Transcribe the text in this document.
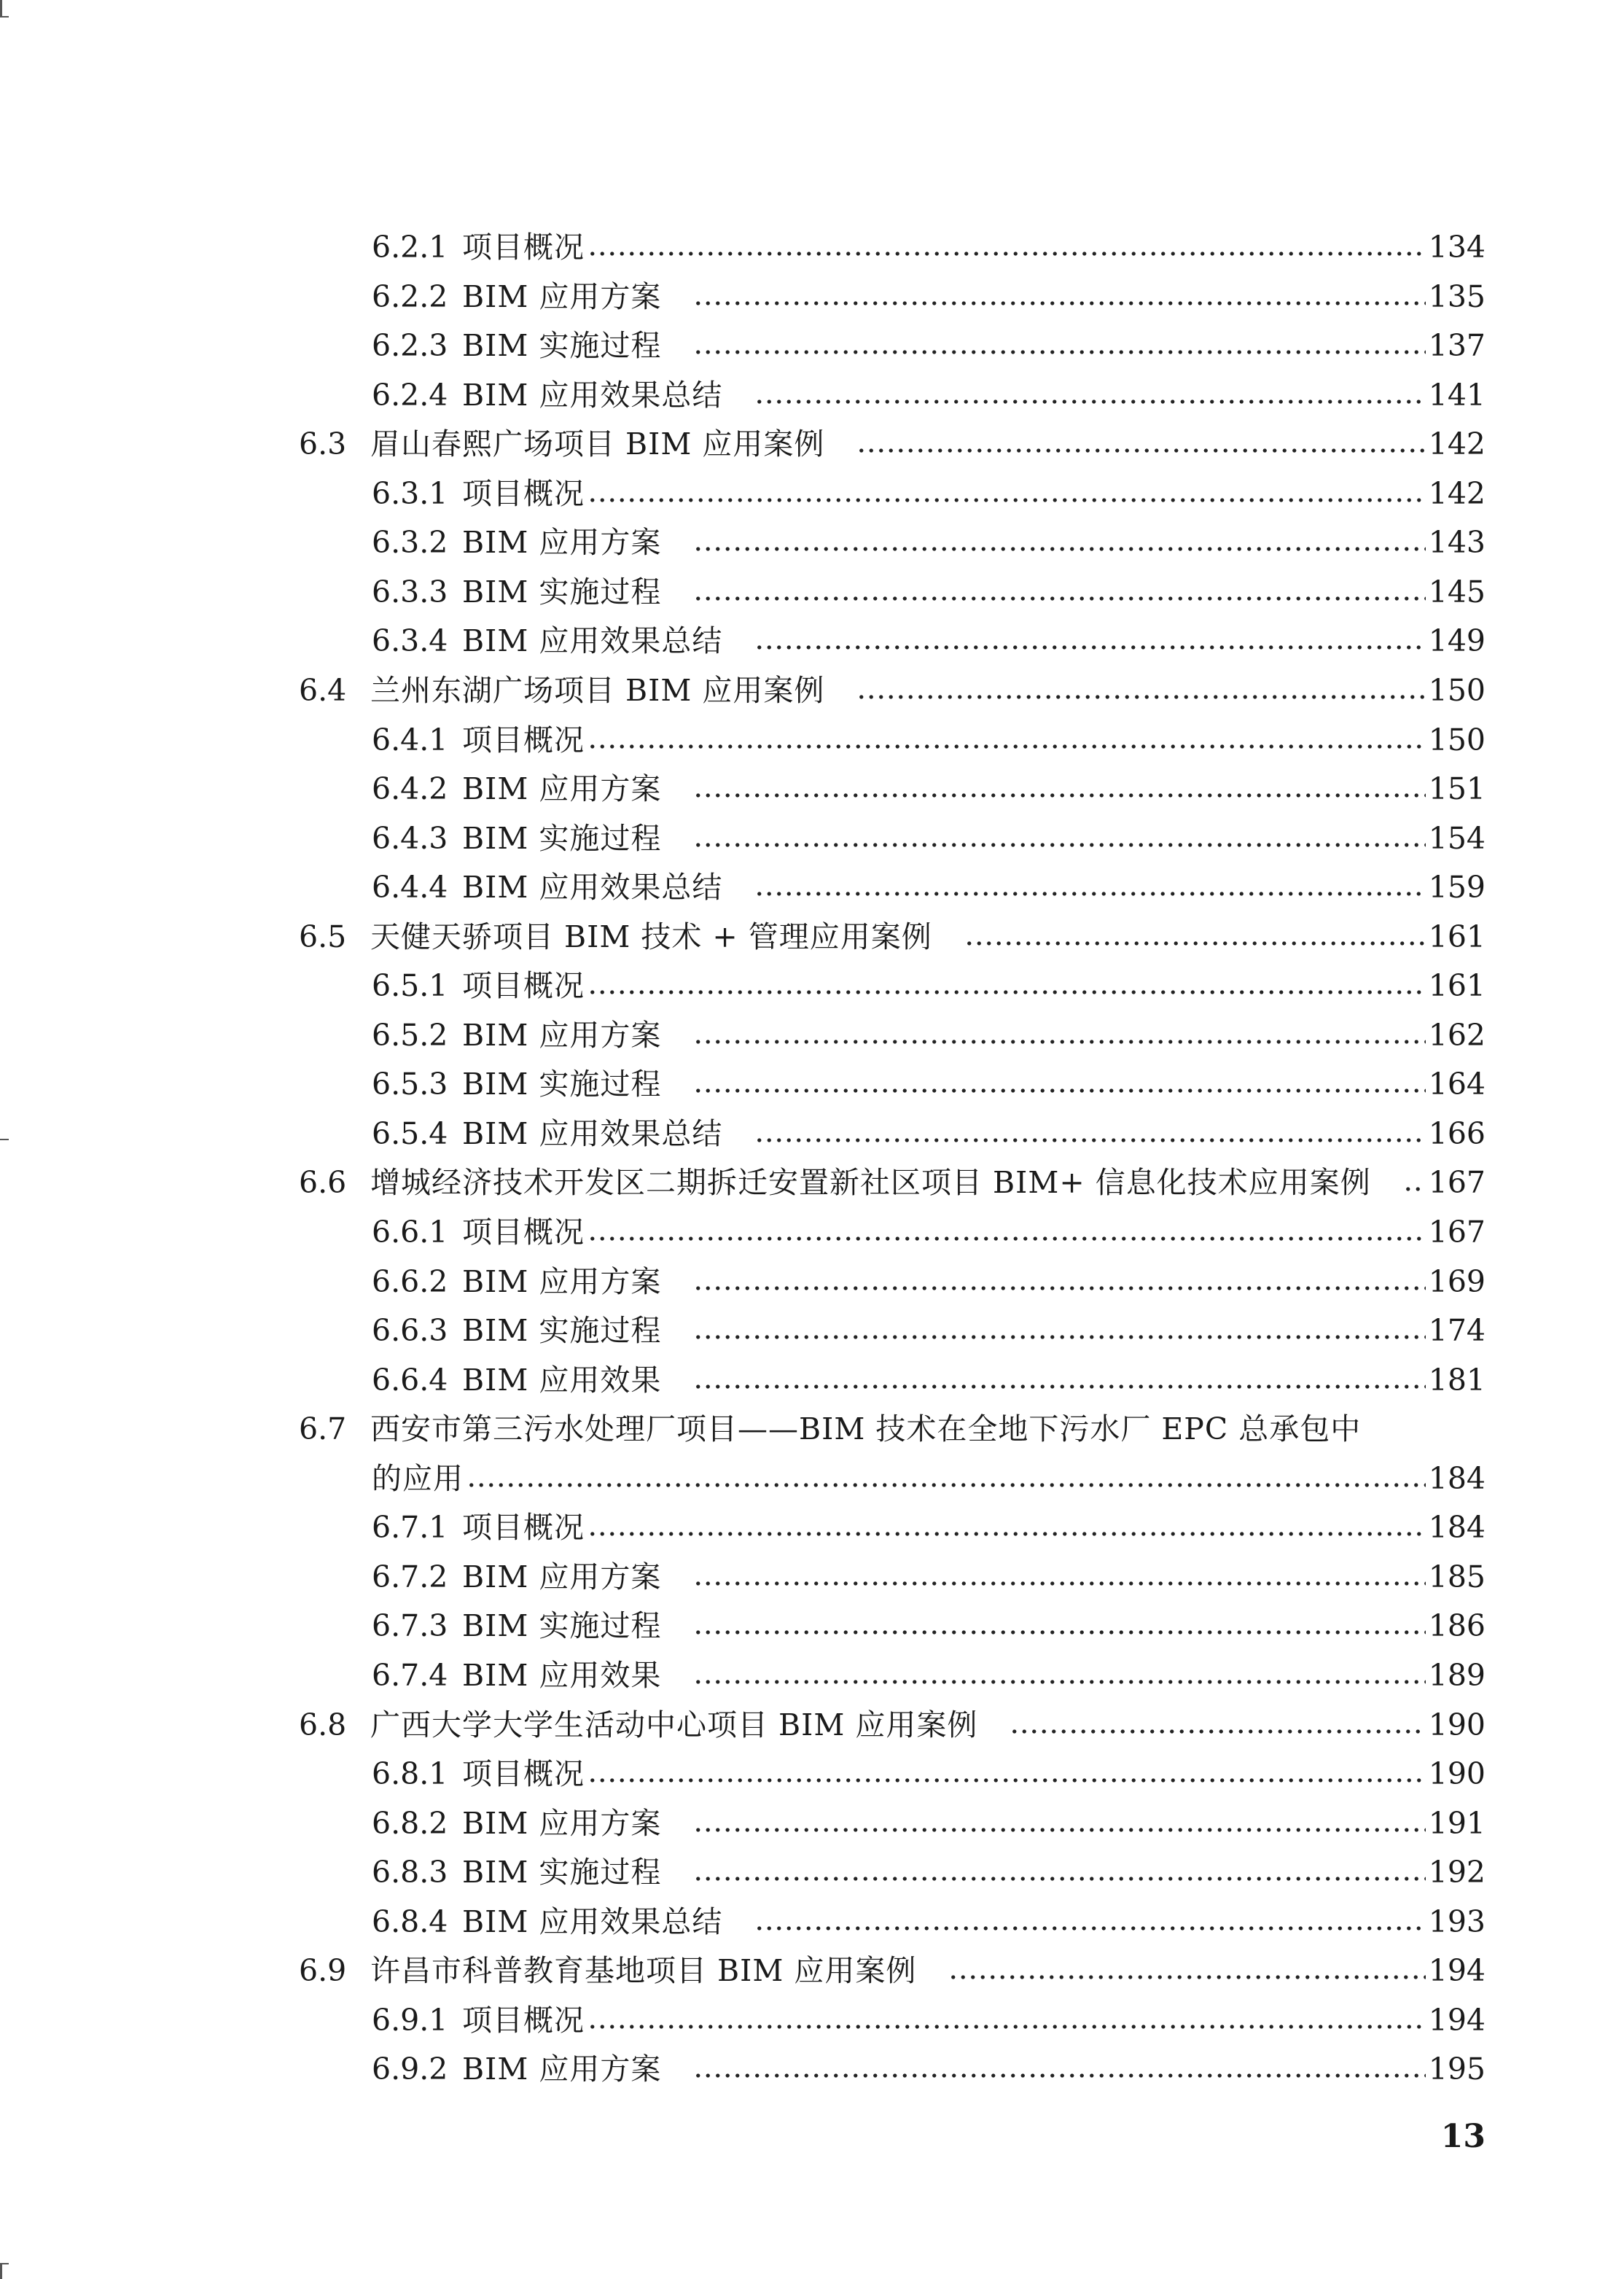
6.2.1 项目概况	134
6.2.2 BIM 应用方案	135
6.2.3 BIM 实施过程	137
6.2.4 BIM 应用效果总结	141
6.3 眉山春熙广场项目 BIM 应用案例	142
6.3.1 项目概况	142
6.3.2 BIM 应用方案	143
6.3.3 BIM 实施过程	145
6.3.4 BIM 应用效果总结	149
6.4 兰州东湖广场项目 BIM 应用案例	150
6.4.1 项目概况	150
6.4.2 BIM 应用方案	151
6.4.3 BIM 实施过程	154
6.4.4 BIM 应用效果总结	159
6.5 天健天骄项目 BIM 技术 + 管理应用案例	161
6.5.1 项目概况	161
6.5.2 BIM 应用方案	162
6.5.3 BIM 实施过程	164
6.5.4 BIM 应用效果总结	166
6.6 增城经济技术开发区二期拆迁安置新社区项目 BIM+ 信息化技术应用案例 167
6.6.1 项目概况	167
6.6.2 BIM 应用方案	169
6.6.3 BIM 实施过程	174
6.6.4 BIM 应用效果	181
6.7 西安市第三污水处理厂项目——BIM 技术在全地下污水厂 EPC 总承包中
的应用	184
6.7.1 项目概况	184
6.7.2 BIM 应用方案	185
6.7.3 BIM 实施过程	186
6.7.4 BIM 应用效果	189
6.8 广西大学大学生活动中心项目 BIM 应用案例	190
6.8.1 项目概况	190
6.8.2 BIM 应用方案	191
6.8.3 BIM 实施过程	192
6.8.4 BIM 应用效果总结	193
6.9 许昌市科普教育基地项目 BIM 应用案例	194
6.9.1 项目概况	194
6.9.2 BIM 应用方案	195
13
